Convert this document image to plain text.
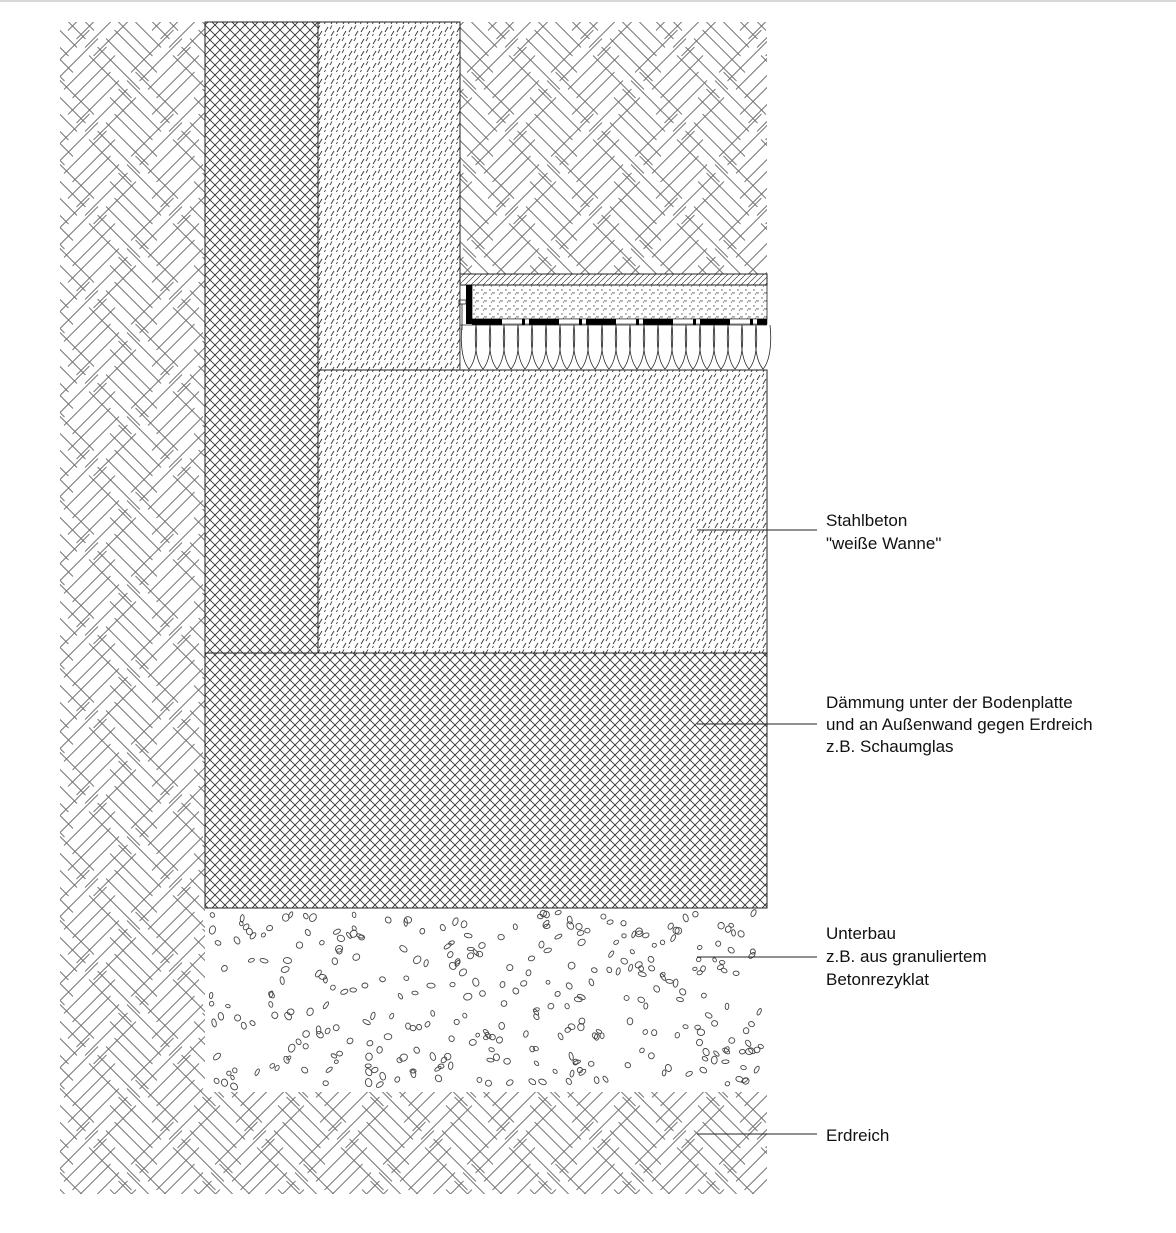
Stahlbeton "weiße Wanne"
Dämmung unter der Bodenplatte und an Außenwand gegen Erdreich z.B. Schaumglas
Unterbau z.B. aus granuliertem Betonrezyklat
Erdreich
